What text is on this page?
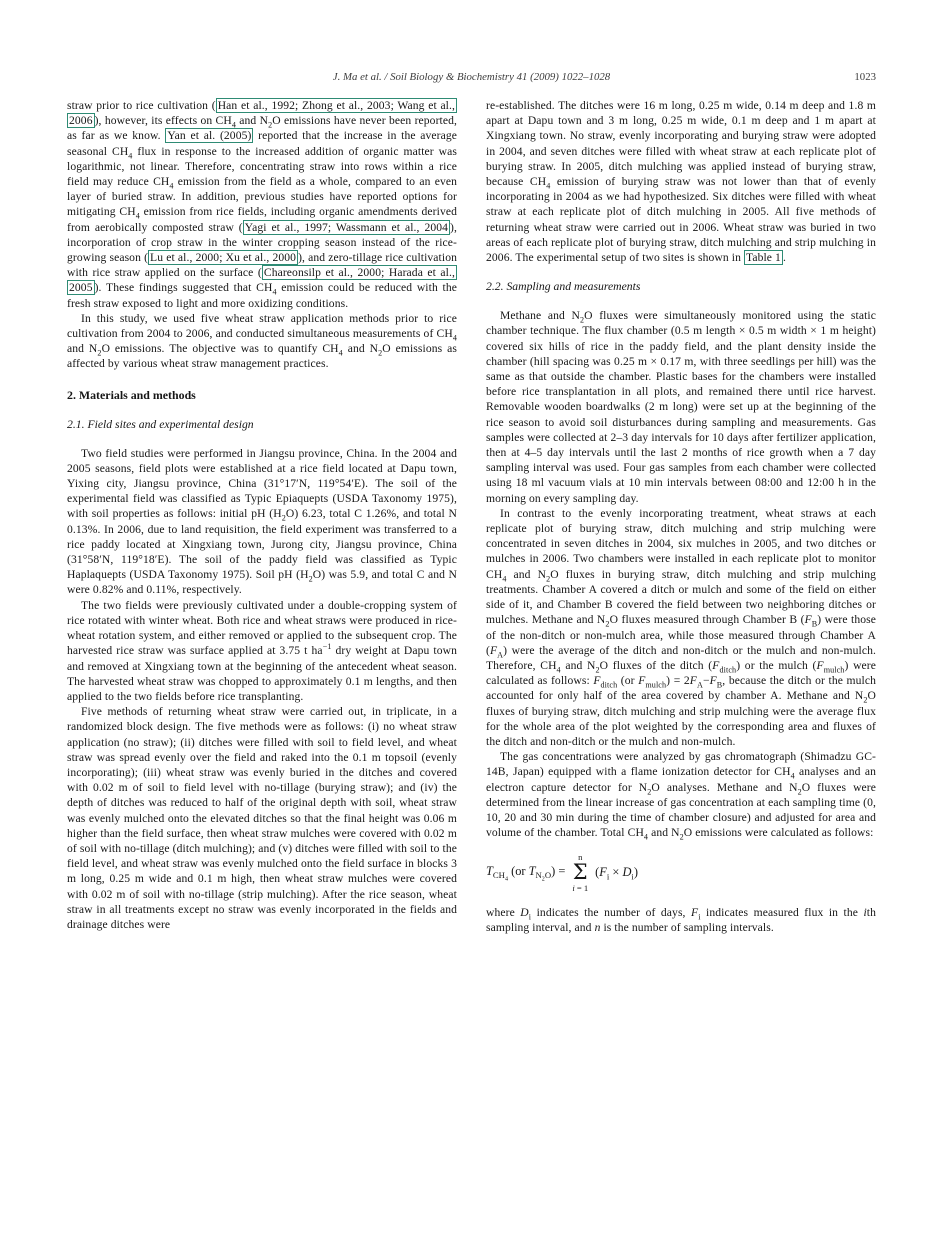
J. Ma et al. / Soil Biology & Biochemistry 41 (2009) 1022–1028	1023

straw prior to rice cultivation ( Han et al., 1992; Zhong et al., 2003; Wang et al., 2006 ), however, its effects on $CH_4$ and $N_2O$ emissions have never been reported, as far as we know. Yan et al. (2005) reported that the increase in the average seasonal $CH_4$ flux in response to the increased addition of organic matter was logarithmic, not linear. Therefore, concentrating straw into rows within a rice field may reduce $CH_4$ emission from the field as a whole, compared to an even layer of buried straw. In addition, previous studies have reported options for mitigating $CH_4$ emission from rice fields, including organic amendments derived from aerobically composted straw ( Yagi et al., 1997; Wassmann et al., 2004 ), incorporation of crop straw in the winter cropping season instead of the rice-growing season ( Lu et al., 2000; Xu et al., 2000 ), and zero-tillage rice cultivation with rice straw applied on the surface ( Chareonsilp et al., 2000; Harada et al., 2005 ). These findings suggested that $CH_4$ emission could be reduced with the fresh straw exposed to light and more oxidizing conditions.

In this study, we used five wheat straw application methods prior to rice cultivation from 2004 to 2006, and conducted simultaneous measurements of $CH_4$ and $N_2O$ emissions. The objective was to quantify $CH_4$ and $N_2O$ emissions as affected by various wheat straw management practices.

2. Materials and methods
2.1. Field sites and experimental design

Two field studies were performed in Jiangsu province, China. In the 2004 and 2005 seasons, field plots were established at a rice field located at Dapu town, Yixing city, Jiangsu province, China (31°17′N, 119°54′E). The soil of the experimental field was classified as Typic Epiaquepts (USDA Taxonomy 1975), with soil properties as follows: initial pH $(H_2O)$ 6.23, total C 1.26%, and total N 0.13%. In 2006, due to land requisition, the field experiment was transferred to a rice paddy located at Xingxiang town, Jurong city, Jiangsu province, China (31°58′N, 119°18′E). The soil of the paddy field was classified as Typic Haplaquepts (USDA Taxonomy 1975). Soil pH $(H_2O)$ was 5.9, and total C and N were 0.82% and 0.11%, respectively.

The two fields were previously cultivated under a double-cropping system of rice rotated with winter wheat. Both rice and wheat straws were produced in rice-wheat rotation system, and either removed or applied to the subsequent crop. The harvested rice straw was surface applied at 3.75 t $ha^{-1}$ dry weight at Dapu town and removed at Xingxiang town at the beginning of the antecedent wheat season. The harvested wheat straw was chopped to approximately 0.1 m lengths, and then applied to the two fields before rice transplanting.

Five methods of returning wheat straw were carried out, in triplicate, in a randomized block design. The five methods were as follows: (i) no wheat straw application (no straw); (ii) ditches were filled with soil to field level, and wheat straw was spread evenly over the field and raked into the 0.1 m topsoil (evenly incorporating); (iii) wheat straw was evenly buried in the ditches and covered with 0.02 m of soil to field level with no-tillage (burying straw); and (iv) the depth of ditches was reduced to half of the original depth with soil, wheat straw was evenly mulched onto the elevated ditches so that the final height was 0.06 m higher than the field surface, then wheat straw mulches were covered with 0.02 m of soil with no-tillage (ditch mulching); and (v) ditches were filled with soil to the field level, and wheat straw was evenly mulched onto the field surface in blocks 3 m long, 0.25 m wide and 0.1 m high, then wheat straw mulches were covered with 0.02 m of soil with no-tillage (strip mulching). After the rice season, wheat straw in all treatments except no straw was evenly incorporated in the fields and drainage ditches were

re-established. The ditches were 16 m long, 0.25 m wide, 0.14 m deep and 1.8 m apart at Dapu town and 3 m long, 0.25 m wide, 0.1 m deep and 1 m apart at Xingxiang town. No straw, evenly incorporating and burying straw were adopted in 2004, and seven ditches were filled with wheat straw at each replicate plot of burying straw. In 2005, ditch mulching was applied instead of burying straw, because $CH_4$ emission of burying straw was not lower than that of evenly incorporating in 2004 as we had hypothesized. Six ditches were filled with wheat straw at each replicate plot of ditch mulching in 2005. All five methods of returning wheat straw were carried out in 2006. Wheat straw was buried in two areas of each replicate plot of burying straw, ditch mulching and strip mulching in 2006. The experimental setup of two sites is shown in Table 1 .

2.2. Sampling and measurements

Methane and $N_2O$ fluxes were simultaneously monitored using the static chamber technique. The flux chamber (0.5 m length × 0.5 m width × 1 m height) covered six hills of rice in the paddy field, and the plant density inside the chamber (hill spacing was 0.25 m × 0.17 m, with three seedlings per hill) was the same as that outside the chamber. Plastic bases for the chambers were installed before rice transplantation in all plots, and remained there until rice harvest. Removable wooden boardwalks (2 m long) were set up at the beginning of the rice season to avoid soil disturbances during sampling and measurements. Gas samples were collected at 2–3 day intervals for 10 days after fertilizer application, then at 4–5 day intervals until the last 2 months of rice growth when a 7 day sampling interval was used. Four gas samples from each chamber were collected using 18 ml vacuum vials at 10 min intervals between 08:00 and 12:00 h in the morning on every sampling day.

In contrast to the evenly incorporating treatment, wheat straws at each replicate plot of burying straw, ditch mulching and strip mulching were concentrated in seven ditches in 2004, six mulches in 2005, and two ditches or mulches in 2006. Two chambers were installed in each replicate plot to monitor $CH_4$ and $N_2O$ fluxes in burying straw, ditch mulching and strip mulching treatments. Chamber A covered a ditch or mulch and some of the field on either side of it, and Chamber B covered the field between two neighboring ditches or mulches. Methane and $N_2O$ fluxes measured through Chamber B $(F_B)$ were those of the non-ditch or non-mulch area, while those measured through Chamber A $(F_A)$ were the average of the ditch and non-ditch or the mulch and non-mulch. Therefore, $CH_4$ and $N_2O$ fluxes of the ditch $(F_{ditch})$ or the mulch $(F_{mulch})$ were calculated as follows: $F_{ditch}$ (or $F_{mulch}) = 2F_A-F_B$, because the ditch or the mulch accounted for only half of the area covered by chamber A. Methane and $N_2O$ fluxes of burying straw, ditch mulching and strip mulching were the average flux for the whole area of the plot weighted by the corresponding area and fluxes of the ditch and non-ditch or the mulch and non-mulch.

The gas concentrations were analyzed by gas chromatograph (Shimadzu GC-14B, Japan) equipped with a flame ionization detector for $CH_4$ analyses and an electron capture detector for $N_2O$ analyses. Methane and $N_2O$ fluxes were determined from the linear increase of gas concentration at each sampling time (0, 10, 20 and 30 min during the time of chamber closure) and adjusted for area and volume of the chamber. Total $CH_4$ and $N_2O$ emissions were calculated as follows:

$T_{CH_4}$ (or $T_{N_2O}$) =
n
Σ
i = 1
$(F_i \times D_i)$

where $D_i$ indicates the number of days, $F_i$ indicates measured flux in the ith sampling interval, and n is the number of sampling intervals.
